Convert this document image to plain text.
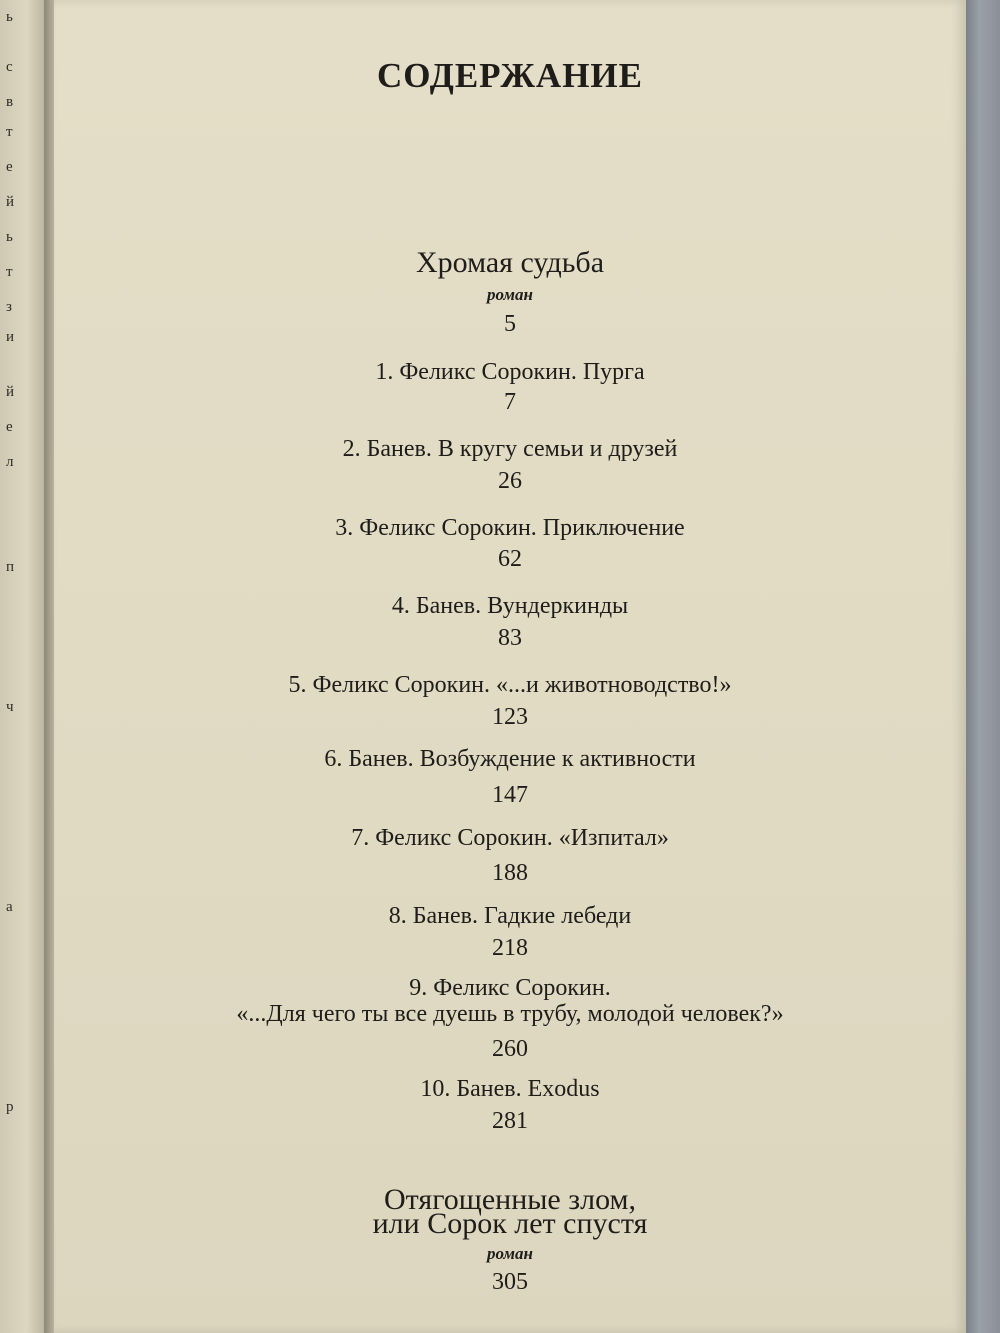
ь
с
в
т
е
й
ь
т
з
и
й
е
л
п
ч
а
р
СОДЕРЖАНИЕ
Хромая судьба
роман
5
1. Феликс Сорокин. Пурга
7
2. Банев. В кругу семьи и друзей
26
3. Феликс Сорокин. Приключение
62
4. Банев. Вундеркинды
83
5. Феликс Сорокин. «...и животноводство!»
123
6. Банев. Возбуждение к активности
147
7. Феликс Сорокин. «Изпитал»
188
8. Банев. Гадкие лебеди
218
9. Феликс Сорокин.
«...Для чего ты все дуешь в трубу, молодой человек?»
260
10. Банев. Exodus
281
Отягощенные злом,
или Сорок лет спустя
роман
305
